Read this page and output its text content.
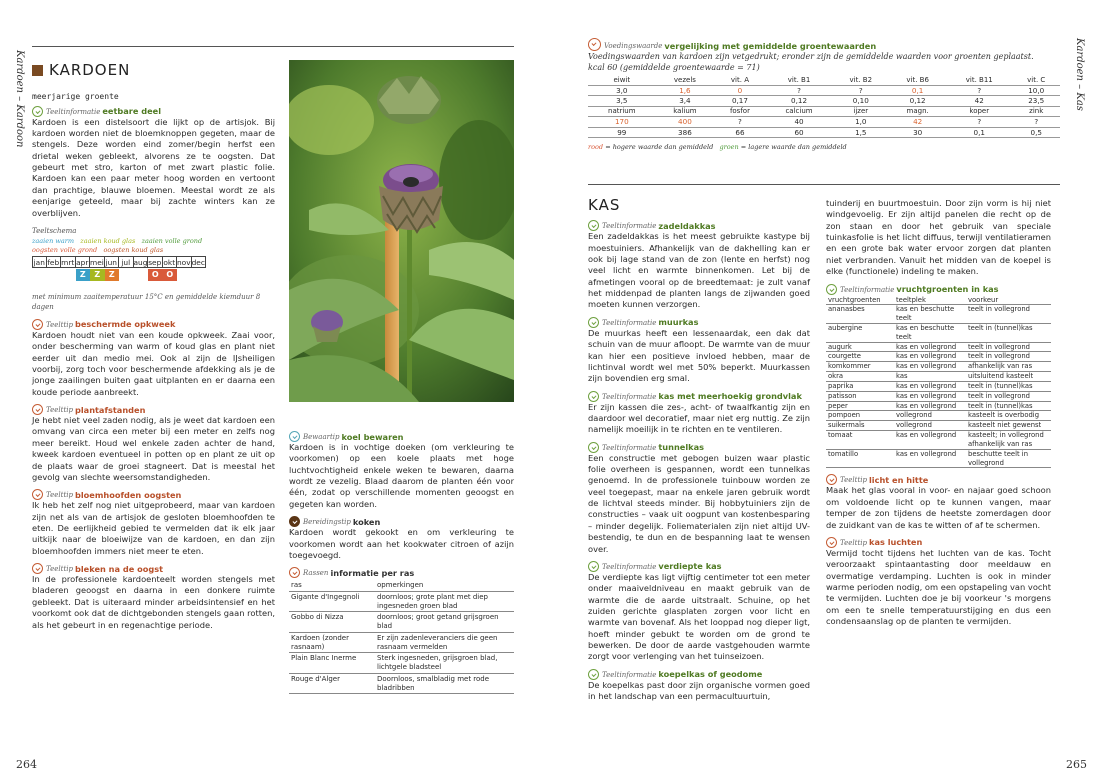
Kardoen – Kardoon
264
KARDOEN
meerjarige groente
Teeltinformatie eetbare deel

Kardoen is een distelsoort die lijkt op de artisjok. Bij kardoen worden niet de bloemknoppen gegeten, maar de stengels. Deze worden eind zomer/begin herfst een drietal weken gebleekt, alvorens ze te oogsten. Dat gebeurt met stro, karton of met zwart plastic folie. Kardoen kan een paar meter hoog worden en vertoont dan prachtige, blauwe bloemen. Meestal wordt ze als eenjarige geteeld, maar bij zachte winters kan ze overblijven.

Teeltschema
zaaien warm zaaien koud glas zaaien volle grond
oogsten volle grond oogsten koud glas
jan feb mrt apr mei jun jul aug sep okt nov dec
Z	Z	Z	O O
met minimum zaaitemperatuur 15°C en gemiddelde kiemduur 8 dagen
Teelttip beschermde opkweek

Kardoen houdt niet van een koude opkweek. Zaai voor, onder bescherming van warm of koud glas en plant niet eerder uit dan medio mei. Ook al zijn de IJsheiligen voorbij, zorg toch voor beschermende afdekking als je de jonge zaailingen buiten gaat uitplanten en er daarna een koude periode aanbreekt.

Teelttip plantafstanden

Je hebt niet veel zaden nodig, als je weet dat kardoen een omvang van circa een meter bij een meter en zelfs nog meer bereikt. Houd wel enkele zaden achter de hand, kweek kardoen eventueel in potten op en plant ze uit op de plaats waar de groei stagneert. Dat is meestal het gevolg van slechte weersomstandigheden.

Teelttip bloemhoofden oogsten

Ik heb het zelf nog niet uitgeprobeerd, maar van kardoen zijn net als van de artisjok de gesloten bloemhoofden te eten. De eerlijkheid gebied te vermelden dat ik elk jaar uitkijk naar de bloeiwijze van de kardoen, en dan zijn bloemhoofden immers niet meer te eten.

Teelttip bleken na de oogst

In de professionele kardoenteelt worden stengels met bladeren geoogst en daarna in een donkere ruimte gebleekt. Dat is uiteraard minder arbeidsintensief en het voorkomt ook dat de dichtgebonden stengels gaan rotten, als het gebeurt in en regenachtige periode.

Bewaartip koel bewaren

Kardoen is in vochtige doeken (om verkleuring te voorkomen) op een koele plaats met hoge luchtvochtigheid enkele weken te bewaren, daarna wordt ze vezelig. Blaad daarom de planten één voor één, zodat op verschillende momenten geoogst en gegeten kan worden.

Bereidingstip koken

Kardoen wordt gekookt en om verkleuring te voorkomen wordt aan het kookwater citroen of azijn toegevoegd.

Rassen informatie per ras
ras	opmerkingen
Gigante d'Ingegnoli	doornloos; grote plant met diep ingesneden groen blad
Gobbo di Nizza	doornloos; groot getand grijsgroen blad
Kardoen (zonder rasnaam)	Er zijn zadenleveranciers die geen rasnaam vermelden
Plain Blanc Inerme	Sterk ingesneden, grijsgroen blad, lichtgele bladsteel
Rouge d'Alger	Doornloos, smalbladig met rode bladribben
Kardoen – Kas
265
Voedingswaarde vergelijking met gemiddelde groentewaarden
Voedingswaarden van kardoen zijn vetgedrukt; eronder zijn de gemiddelde waarden voor groenten geplaatst.
kcal 60 (gemiddelde groentewaarde = 71)
eiwit	vezels	vit. A	vit. B1	vit. B2	vit. B6	vit. B11	vit. C
3,0	1,6	0	?	?	0,1	?	10,0
3,5	3,4	0,17	0,12	0,10	0,12	42	23,5
natrium	kalium	fosfor	calcium	ijzer	magn.	koper	zink
170	400	?	40	1,0	42	?	?
99	386	66	60	1,5	30	0,1	0,5
rood = hogere waarde dan gemiddeld groen = lagere waarde dan gemiddeld
KAS
Teeltinformatie zadeldakkas

Een zadeldakkas is het meest gebruikte kastype bij moestuiniers. Afhankelijk van de dakhelling kan er ook bij lage stand van de zon (lente en herfst) nog veel licht en warmte binnenkomen. Let bij de afmetingen vooral op de breedtemaat: je zult vanaf het middenpad de planten langs de zijwanden goed moeten kunnen verzorgen.

Teeltinformatie muurkas

De muurkas heeft een lessenaardak, een dak dat schuin van de muur afloopt. De warmte van de muur kan hier een positieve invloed hebben, maar de lichtinval wordt wel met 50% beperkt. Muurkassen zijn bovendien erg smal.

Teeltinformatie kas met meerhoekig grondvlak

Er zijn kassen die zes-, acht- of twaalfkantig zijn en daardoor wel decoratief, maar niet erg nuttig. Ze zijn namelijk moeilijk in te richten en te ventileren.

Teeltinformatie tunnelkas

Een constructie met gebogen buizen waar plastic folie overheen is gespannen, wordt een tunnelkas genoemd. In de professionele tuinbouw worden ze veel toegepast, maar na enkele jaren gebruik wordt de lichtval steeds minder. Bij hobbytuiniers zijn de constructies – vaak uit oogpunt van kostenbesparing – minder degelijk. Foliematerialen zijn niet altijd UV-bestendig, te dun en de bespanning laat te wensen over.

Teeltinformatie verdiepte kas

De verdiepte kas ligt vijftig centimeter tot een meter onder maaiveldniveau en maakt gebruik van de warmte die de aarde uitstraalt. Schuine, op het zuiden gerichte glasplaten zorgen voor licht en warmte van bovenaf. Als het looppad nog dieper ligt, hoeft minder gebukt te worden om de grond te bewerken. De door de aarde vastgehouden warmte zorgt voor verlenging van het tuinseizoen.

Teeltinformatie koepelkas of geodome

De koepelkas past door zijn organische vormen goed in het landschap van een permacultuurtuin,

tuinderij en buurtmoestuin. Door zijn vorm is hij niet windgevoelig. Er zijn altijd panelen die recht op de zon staan en door het gebruik van speciale tuinkasfolie is het licht diffuus, terwijl ventilatieramen en een grote bak water ervoor zorgen dat planten niet verbranden. Vanuit het midden van de koepel is elke (functionele) indeling te maken.

Teeltinformatie vruchtgroenten in kas
vruchtgroenten	teeltplek	voorkeur
ananasbes	kas en beschutte teelt	teelt in vollegrond
aubergine	kas en beschutte teelt	teelt in (tunnel)kas
augurk	kas en vollegrond	teelt in vollegrond
courgette	kas en vollegrond	teelt in vollegrond
komkommer	kas en vollegrond	afhankelijk van ras
okra	kas	uitsluitend kasteelt
paprika	kas en vollegrond	teelt in (tunnel)kas
patisson	kas en vollegrond	teelt in vollegrond
peper	kas en vollegrond	teelt in (tunnel)kas
pompoen	vollegrond	kasteelt is overbodig
suikermaïs	vollegrond	kasteelt niet gewenst
tomaat	kas en vollegrond	kasteelt; in vollegrond afhankelijk van ras
tomatillo	kas en vollegrond	beschutte teelt in vollegrond
Teelttip licht en hitte

Maak het glas vooral in voor- en najaar goed schoon om voldoende licht op te kunnen vangen, maar temper de zon tijdens de heetste zomerdagen door de zuidkant van de kas te witten of af te schermen.

Teelttip kas luchten

Vermijd tocht tijdens het luchten van de kas. Tocht veroorzaakt spintaantasting door meeldauw en overmatige verdamping. Luchten is ook in minder warme perioden nodig, om een opstapeling van vocht te vermijden. Luchten doe je bij voorkeur 's morgens om een te snelle temperatuurstijging en dus een condensaanslag op de planten te vermijden.
